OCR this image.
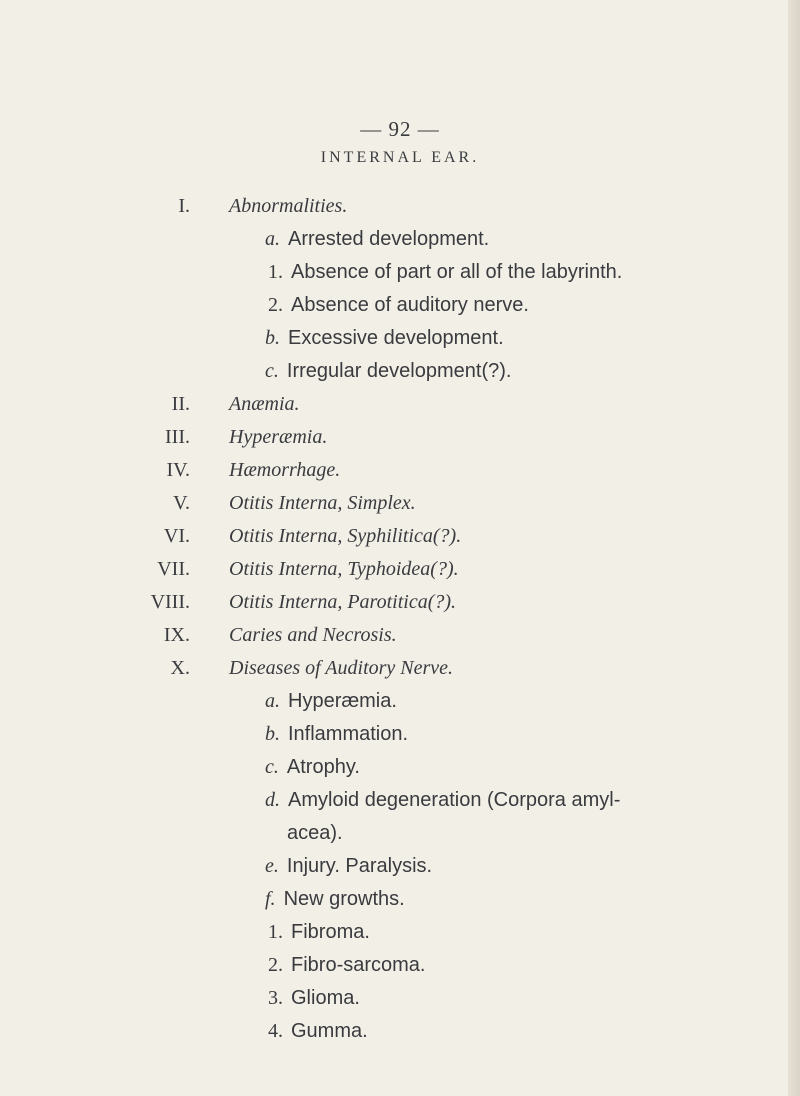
— 92 —
INTERNAL EAR.
I. Abnormalities.
a. Arrested development.
1. Absence of part or all of the labyrinth.
2. Absence of auditory nerve.
b. Excessive development.
c. Irregular development(?).
II. Anæmia.
III. Hyperæmia.
IV. Hæmorrhage.
V. Otitis Interna, Simplex.
VI. Otitis Interna, Syphilitica(?).
VII. Otitis Interna, Typhoidea(?).
VIII. Otitis Interna, Parotitica(?).
IX. Caries and Necrosis.
X. Diseases of Auditory Nerve.
a. Hyperæmia.
b. Inflammation.
c. Atrophy.
d. Amyloid degeneration (Corpora amyl-
acea).
e. Injury. Paralysis.
f. New growths.
1. Fibroma.
2. Fibro-sarcoma.
3. Glioma.
4. Gumma.
